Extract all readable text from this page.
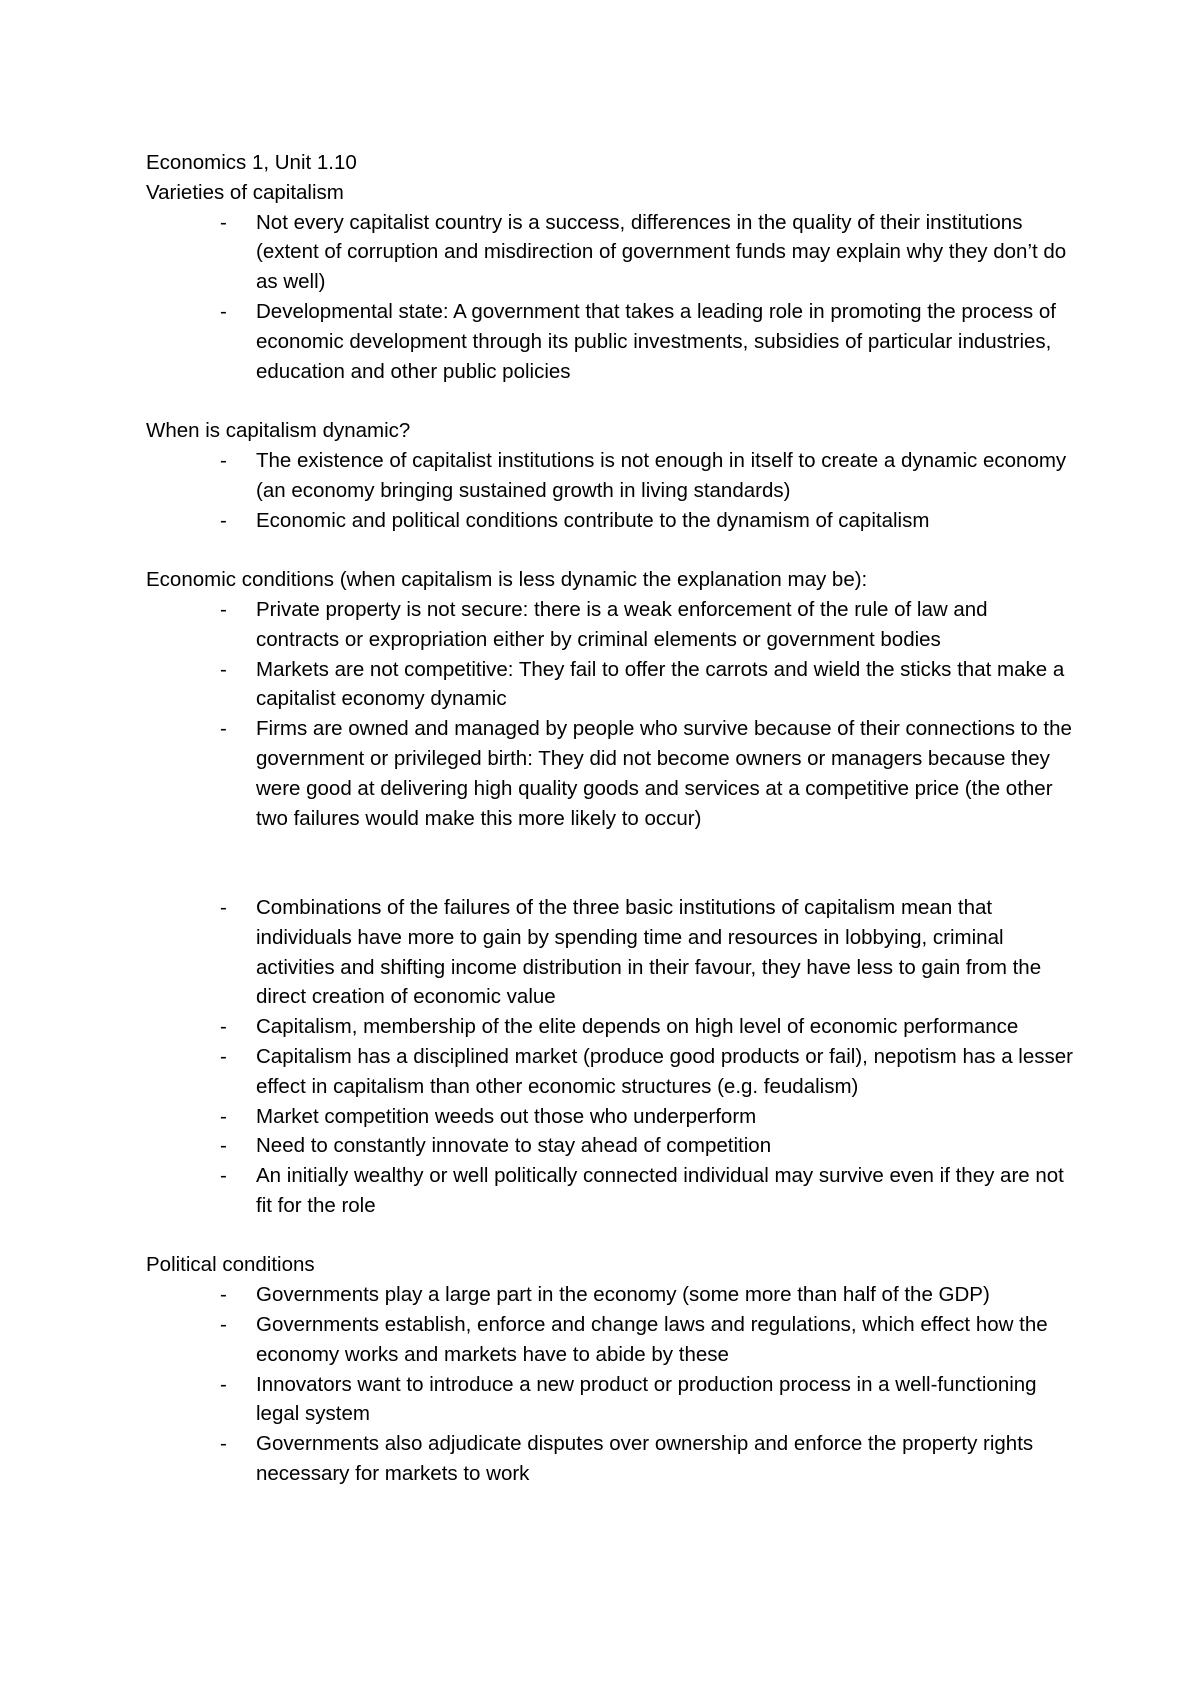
Economics 1, Unit 1.10

Varieties of capitalism

- Not every capitalist country is a success, differences in the quality of their institutions (extent of corruption and misdirection of government funds may explain why they don’t do as well)
- Developmental state: A government that takes a leading role in promoting the process of economic development through its public investments, subsidies of particular industries, education and other public policies

When is capitalism dynamic?

- The existence of capitalist institutions is not enough in itself to create a dynamic economy (an economy bringing sustained growth in living standards)
- Economic and political conditions contribute to the dynamism of capitalism

Economic conditions (when capitalism is less dynamic the explanation may be):

- Private property is not secure: there is a weak enforcement of the rule of law and contracts or expropriation either by criminal elements or government bodies
- Markets are not competitive: They fail to offer the carrots and wield the sticks that make a capitalist economy dynamic
- Firms are owned and managed by people who survive because of their connections to the government or privileged birth: They did not become owners or managers because they were good at delivering high quality goods and services at a competitive price (the other two failures would make this more likely to occur)
- Combinations of the failures of the three basic institutions of capitalism mean that individuals have more to gain by spending time and resources in lobbying, criminal activities and shifting income distribution in their favour, they have less to gain from the direct creation of economic value
- Capitalism, membership of the elite depends on high level of economic performance
- Capitalism has a disciplined market (produce good products or fail), nepotism has a lesser effect in capitalism than other economic structures (e.g. feudalism)
- Market competition weeds out those who underperform
- Need to constantly innovate to stay ahead of competition
- An initially wealthy or well politically connected individual may survive even if they are not fit for the role

Political conditions

- Governments play a large part in the economy (some more than half of the GDP)
- Governments establish, enforce and change laws and regulations, which effect how the economy works and markets have to abide by these
- Innovators want to introduce a new product or production process in a well-functioning legal system
- Governments also adjudicate disputes over ownership and enforce the property rights necessary for markets to work
